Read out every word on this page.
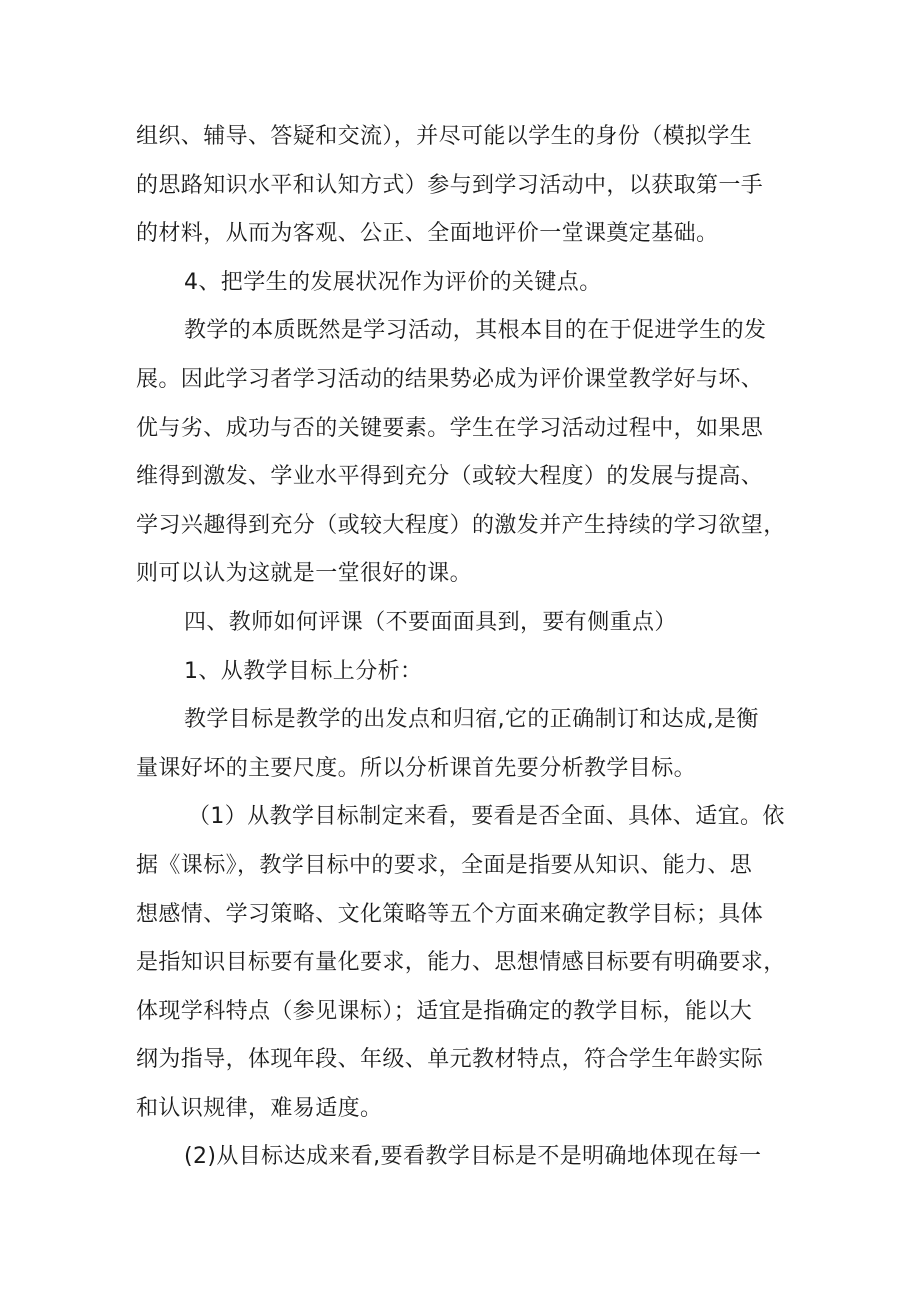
组织、辅导、答疑和交流），并尽可能以学生的身份（模拟学生
的思路知识水平和认知方式）参与到学习活动中，以获取第一手
的材料，从而为客观、公正、全面地评价一堂课奠定基础。
4、把学生的发展状况作为评价的关键点。
教学的本质既然是学习活动，其根本目的在于促进学生的发
展。因此学习者学习活动的结果势必成为评价课堂教学好与坏、
优与劣、成功与否的关键要素。学生在学习活动过程中，如果思
维得到激发、学业水平得到充分（或较大程度）的发展与提高、
学习兴趣得到充分（或较大程度）的激发并产生持续的学习欲望，
则可以认为这就是一堂很好的课。
四、教师如何评课（不要面面具到，要有侧重点）
1、从教学目标上分析：
教学目标是教学的出发点和归宿,它的正确制订和达成,是衡
量课好坏的主要尺度。所以分析课首先要分析教学目标。
（1）从教学目标制定来看，要看是否全面、具体、适宜。依
据《课标》，教学目标中的要求，全面是指要从知识、能力、思
想感情、学习策略、文化策略等五个方面来确定教学目标；具体
是指知识目标要有量化要求，能力、思想情感目标要有明确要求，
体现学科特点（参见课标）；适宜是指确定的教学目标，能以大
纲为指导，体现年段、年级、单元教材特点，符合学生年龄实际
和认识规律，难易适度。
(2)从目标达成来看,要看教学目标是不是明确地体现在每一
